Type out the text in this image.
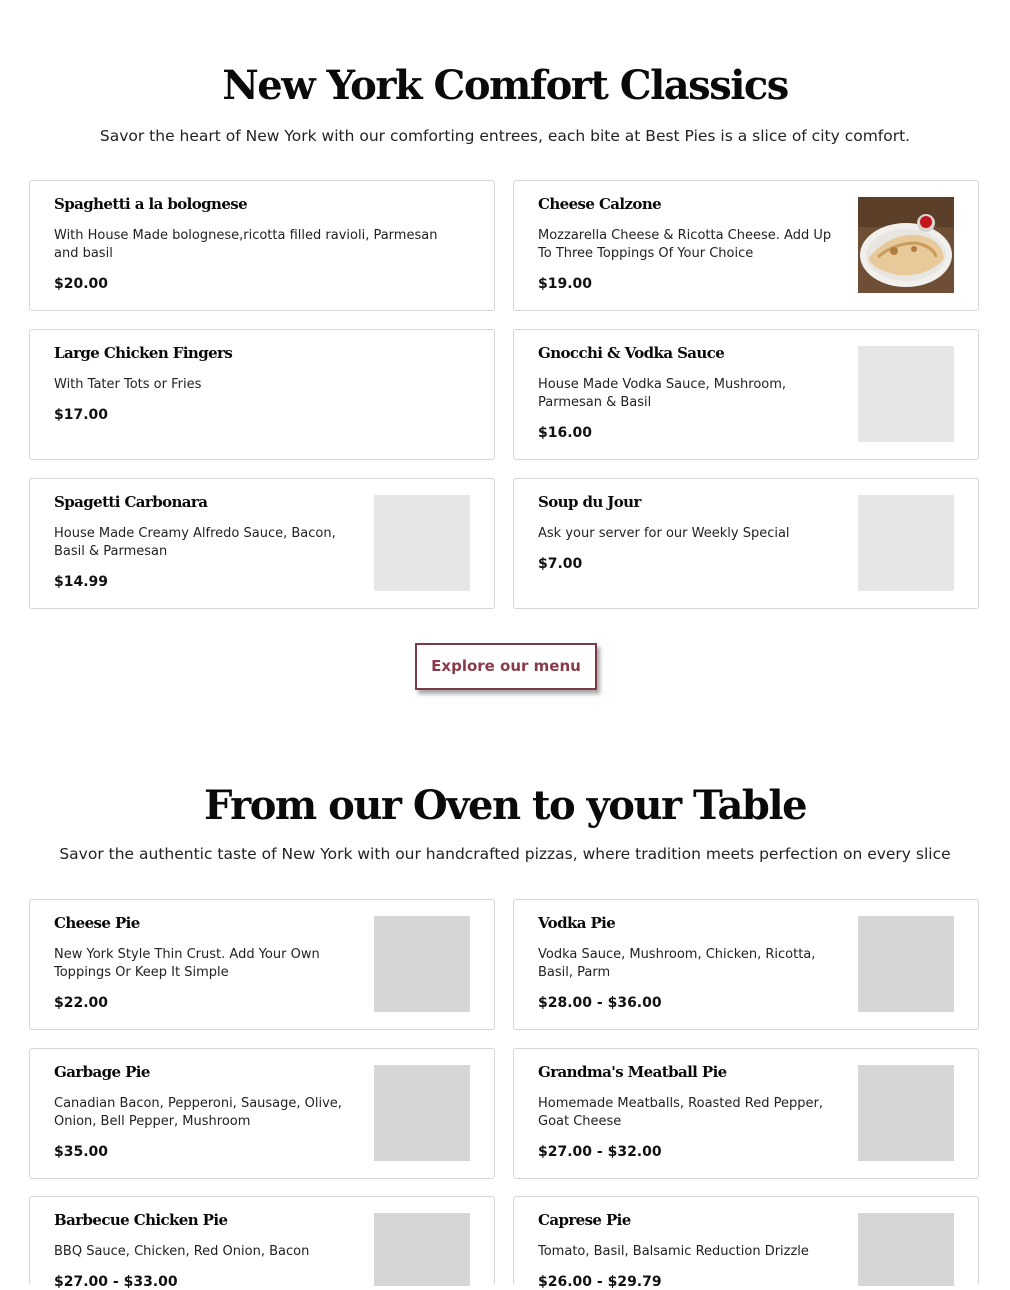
New York Comfort Classics

Savor the heart of New York with our comforting entrees, each bite at Best Pies is a slice of city comfort.

Spaghetti a la bolognese
With House Made bolognese,ricotta filled ravioli, Parmesan and basil
$20.00
Cheese Calzone
Mozzarella Cheese & Ricotta Cheese. Add Up To Three Toppings Of Your Choice
$19.00
Large Chicken Fingers
With Tater Tots or Fries
$17.00
Gnocchi & Vodka Sauce
House Made Vodka Sauce, Mushroom, Parmesan & Basil
$16.00
Spagetti Carbonara
House Made Creamy Alfredo Sauce, Bacon, Basil & Parmesan
$14.99
Soup du Jour
Ask your server for our Weekly Special
$7.00
Explore our menu
From our Oven to your Table

Savor the authentic taste of New York with our handcrafted pizzas, where tradition meets perfection on every slice

Cheese Pie
New York Style Thin Crust. Add Your Own Toppings Or Keep It Simple
$22.00
Vodka Pie
Vodka Sauce, Mushroom, Chicken, Ricotta, Basil, Parm
$28.00 - $36.00
Garbage Pie
Canadian Bacon, Pepperoni, Sausage, Olive, Onion, Bell Pepper, Mushroom
$35.00
Grandma's Meatball Pie
Homemade Meatballs, Roasted Red Pepper, Goat Cheese
$27.00 - $32.00
Barbecue Chicken Pie
BBQ Sauce, Chicken, Red Onion, Bacon
$27.00 - $33.00
Caprese Pie
Tomato, Basil, Balsamic Reduction Drizzle
$26.00 - $29.79
